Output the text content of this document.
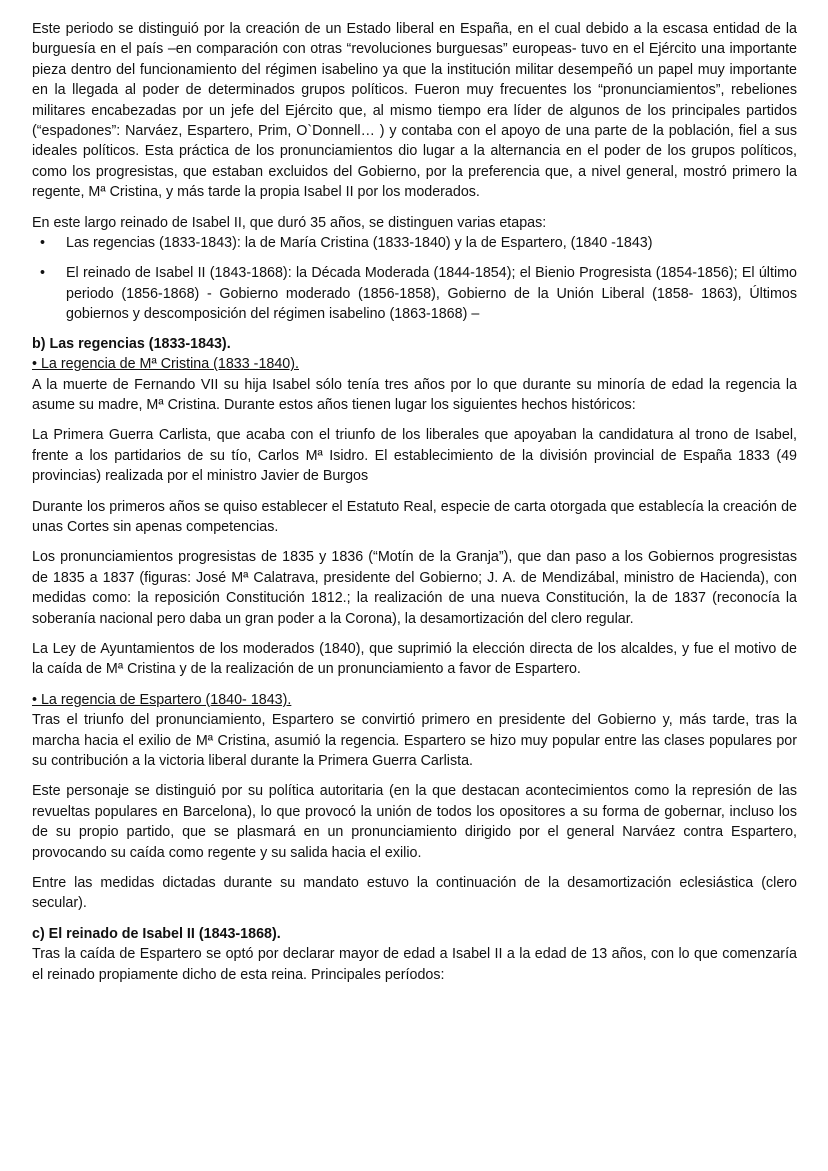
Este periodo se distinguió por la creación de un Estado liberal en España, en el cual debido a la escasa entidad de la burguesía en el país –en comparación con otras “revoluciones burguesas” europeas- tuvo en el Ejército una importante pieza dentro del funcionamiento del régimen isabelino ya que la institución militar desempeñó un papel muy importante en la llegada al poder de determinados grupos políticos. Fueron muy frecuentes los “pronunciamientos”, rebeliones militares encabezadas por un jefe del Ejército que, al mismo tiempo era líder de algunos de los principales partidos (“espadones”: Narváez, Espartero, Prim, O`Donnell… ) y contaba con el apoyo de una parte de la población, fiel a sus ideales políticos. Esta práctica de los pronunciamientos dio lugar a la alternancia en el poder de los grupos políticos, como los progresistas, que estaban excluidos del Gobierno, por la preferencia que, a nivel general, mostró primero la regente, Mª Cristina, y más tarde la propia Isabel II por los moderados.

En este largo reinado de Isabel II, que duró 35 años, se distinguen varias etapas:

• Las regencias (1833-1843): la de María Cristina (1833-1840) y la de Espartero, (1840 -1843)
• El reinado de Isabel II (1843-1868): la Década Moderada (1844-1854); el Bienio Progresista (1854-1856); El último periodo (1856-1868) - Gobierno moderado (1856-1858), Gobierno de la Unión Liberal (1858- 1863), Últimos gobiernos y descomposición del régimen isabelino (1863-1868) –

b) Las regencias (1833-1843).

• La regencia de Mª Cristina (1833 -1840).

A la muerte de Fernando VII su hija Isabel sólo tenía tres años por lo que durante su minoría de edad la regencia la asume su madre, Mª Cristina. Durante estos años tienen lugar los siguientes hechos históricos:

La Primera Guerra Carlista, que acaba con el triunfo de los liberales que apoyaban la candidatura al trono de Isabel, frente a los partidarios de su tío, Carlos Mª Isidro. El establecimiento de la división provincial de España 1833 (49 provincias) realizada por el ministro Javier de Burgos

Durante los primeros años se quiso establecer el Estatuto Real, especie de carta otorgada que establecía la creación de unas Cortes sin apenas competencias.

Los pronunciamientos progresistas de 1835 y 1836 (“Motín de la Granja”), que dan paso a los Gobiernos progresistas de 1835 a 1837 (figuras: José Mª Calatrava, presidente del Gobierno; J. A. de Mendizábal, ministro de Hacienda), con medidas como: la reposición Constitución 1812.; la realización de una nueva Constitución, la de 1837 (reconocía la soberanía nacional pero daba un gran poder a la Corona), la desamortización del clero regular.

La Ley de Ayuntamientos de los moderados (1840), que suprimió la elección directa de los alcaldes, y fue el motivo de la caída de Mª Cristina y de la realización de un pronunciamiento a favor de Espartero.

• La regencia de Espartero (1840- 1843).

Tras el triunfo del pronunciamiento, Espartero se convirtió primero en presidente del Gobierno y, más tarde, tras la marcha hacia el exilio de Mª Cristina, asumió la regencia. Espartero se hizo muy popular entre las clases populares por su contribución a la victoria liberal durante la Primera Guerra Carlista.

Este personaje se distinguió por su política autoritaria (en la que destacan acontecimientos como la represión de las revueltas populares en Barcelona), lo que provocó la unión de todos los opositores a su forma de gobernar, incluso los de su propio partido, que se plasmará en un pronunciamiento dirigido por el general Narváez contra Espartero, provocando su caída como regente y su salida hacia el exilio.

Entre las medidas dictadas durante su mandato estuvo la continuación de la desamortización eclesiástica (clero secular).

c) El reinado de Isabel II (1843-1868).

Tras la caída de Espartero se optó por declarar mayor de edad a Isabel II a la edad de 13 años, con lo que comenzaría el reinado propiamente dicho de esta reina. Principales períodos:
